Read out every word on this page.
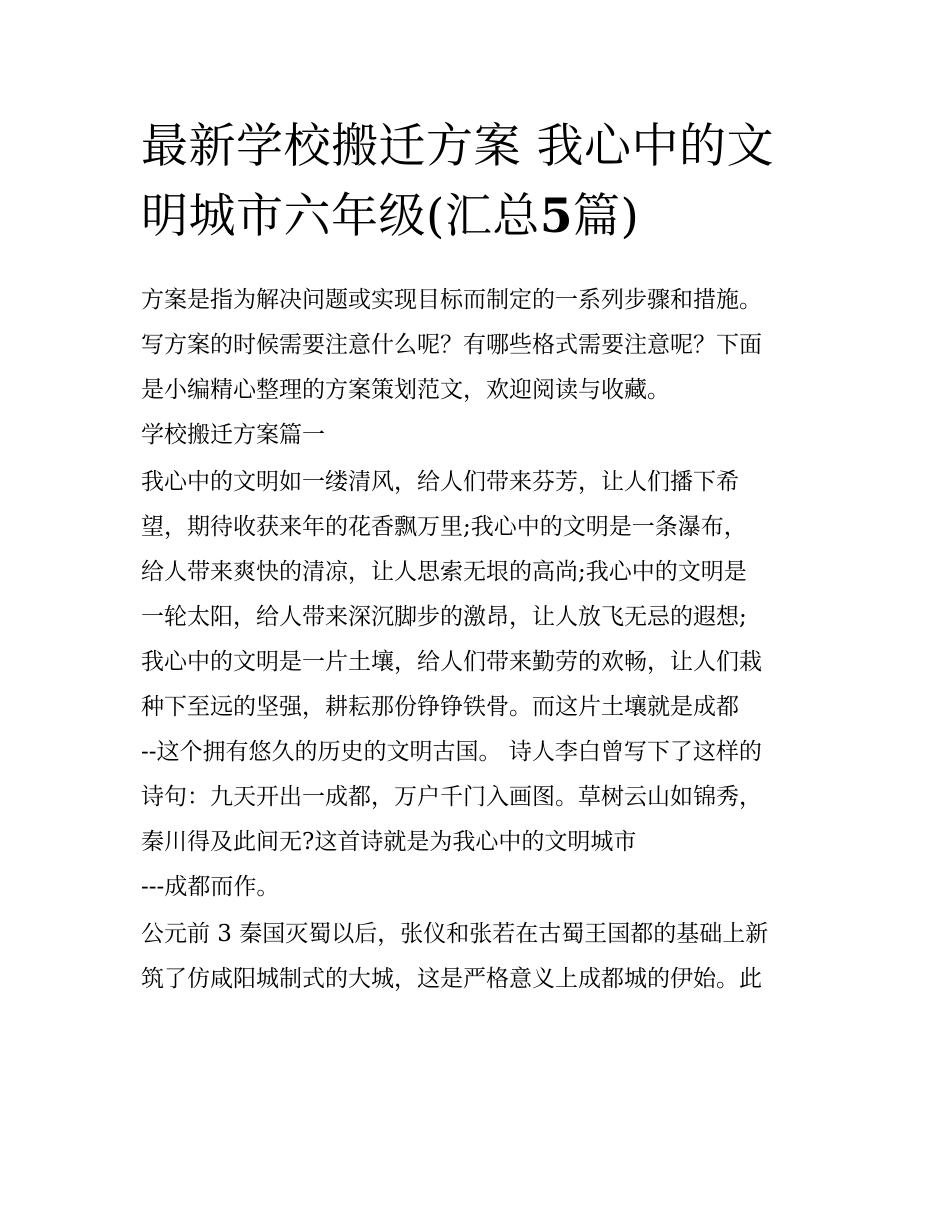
最新学校搬迁方案 我心中的文
明城市六年级(汇总5篇)
方案是指为解决问题或实现目标而制定的一系列步骤和措施。
写方案的时候需要注意什么呢？有哪些格式需要注意呢？下面
是小编精心整理的方案策划范文，欢迎阅读与收藏。
学校搬迁方案篇一
我心中的文明如一缕清风，给人们带来芬芳，让人们播下希
望，期待收获来年的花香飘万里;我心中的文明是一条瀑布，
给人带来爽快的清凉，让人思索无垠的高尚;我心中的文明是
一轮太阳，给人带来深沉脚步的激昂，让人放飞无忌的遐想;
我心中的文明是一片土壤，给人们带来勤劳的欢畅，让人们栽
种下至远的坚强，耕耘那份铮铮铁骨。而这片土壤就是成都
--这个拥有悠久的历史的文明古国。 诗人李白曾写下了这样的
诗句：九天开出一成都，万户千门入画图。草树云山如锦秀，
秦川得及此间无?这首诗就是为我心中的文明城市
---成都而作。
公元前 3 秦国灭蜀以后，张仪和张若在古蜀王国都的基础上新
筑了仿咸阳城制式的大城，这是严格意义上成都城的伊始。此
